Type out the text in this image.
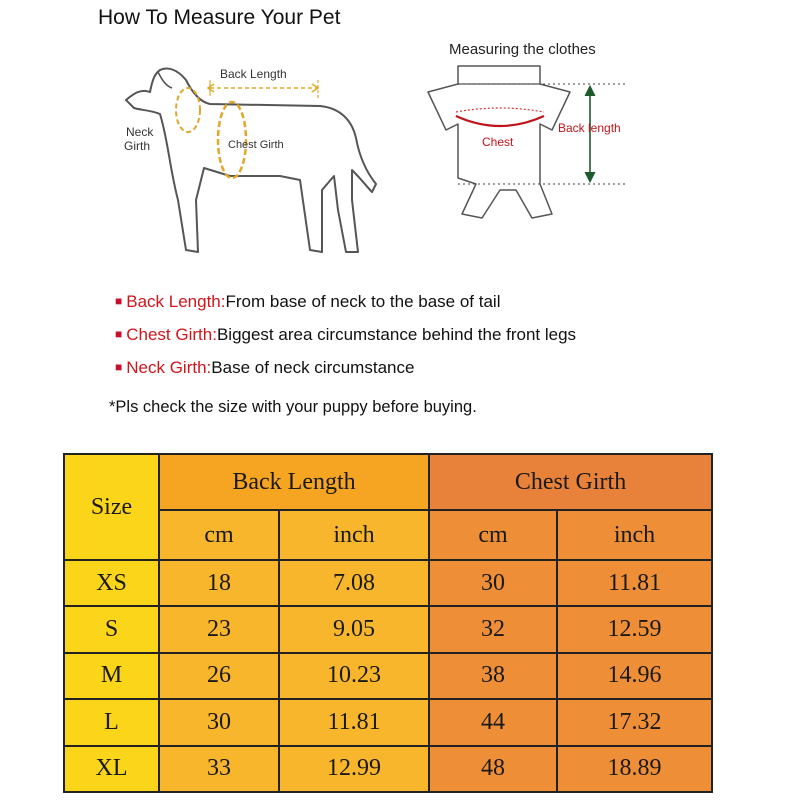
How To Measure Your Pet
Back Length
Neck
Girth	Chest Girth
Measuring the clothes
Chest
Back length
■ Back Length:From base of neck to the base of tail
■ Chest Girth:Biggest area circumstance behind the front legs
■ Neck Girth:Base of neck circumstance
*Pls check the size with your puppy before buying.
Size	Back Length		Chest Girth	
	cm	inch	cm	inch
XS	18	7.08	30	11.81
S	23	9.05	32	12.59
M	26	10.23	38	14.96
L	30	11.81	44	17.32
XL	33	12.99	48	18.89
